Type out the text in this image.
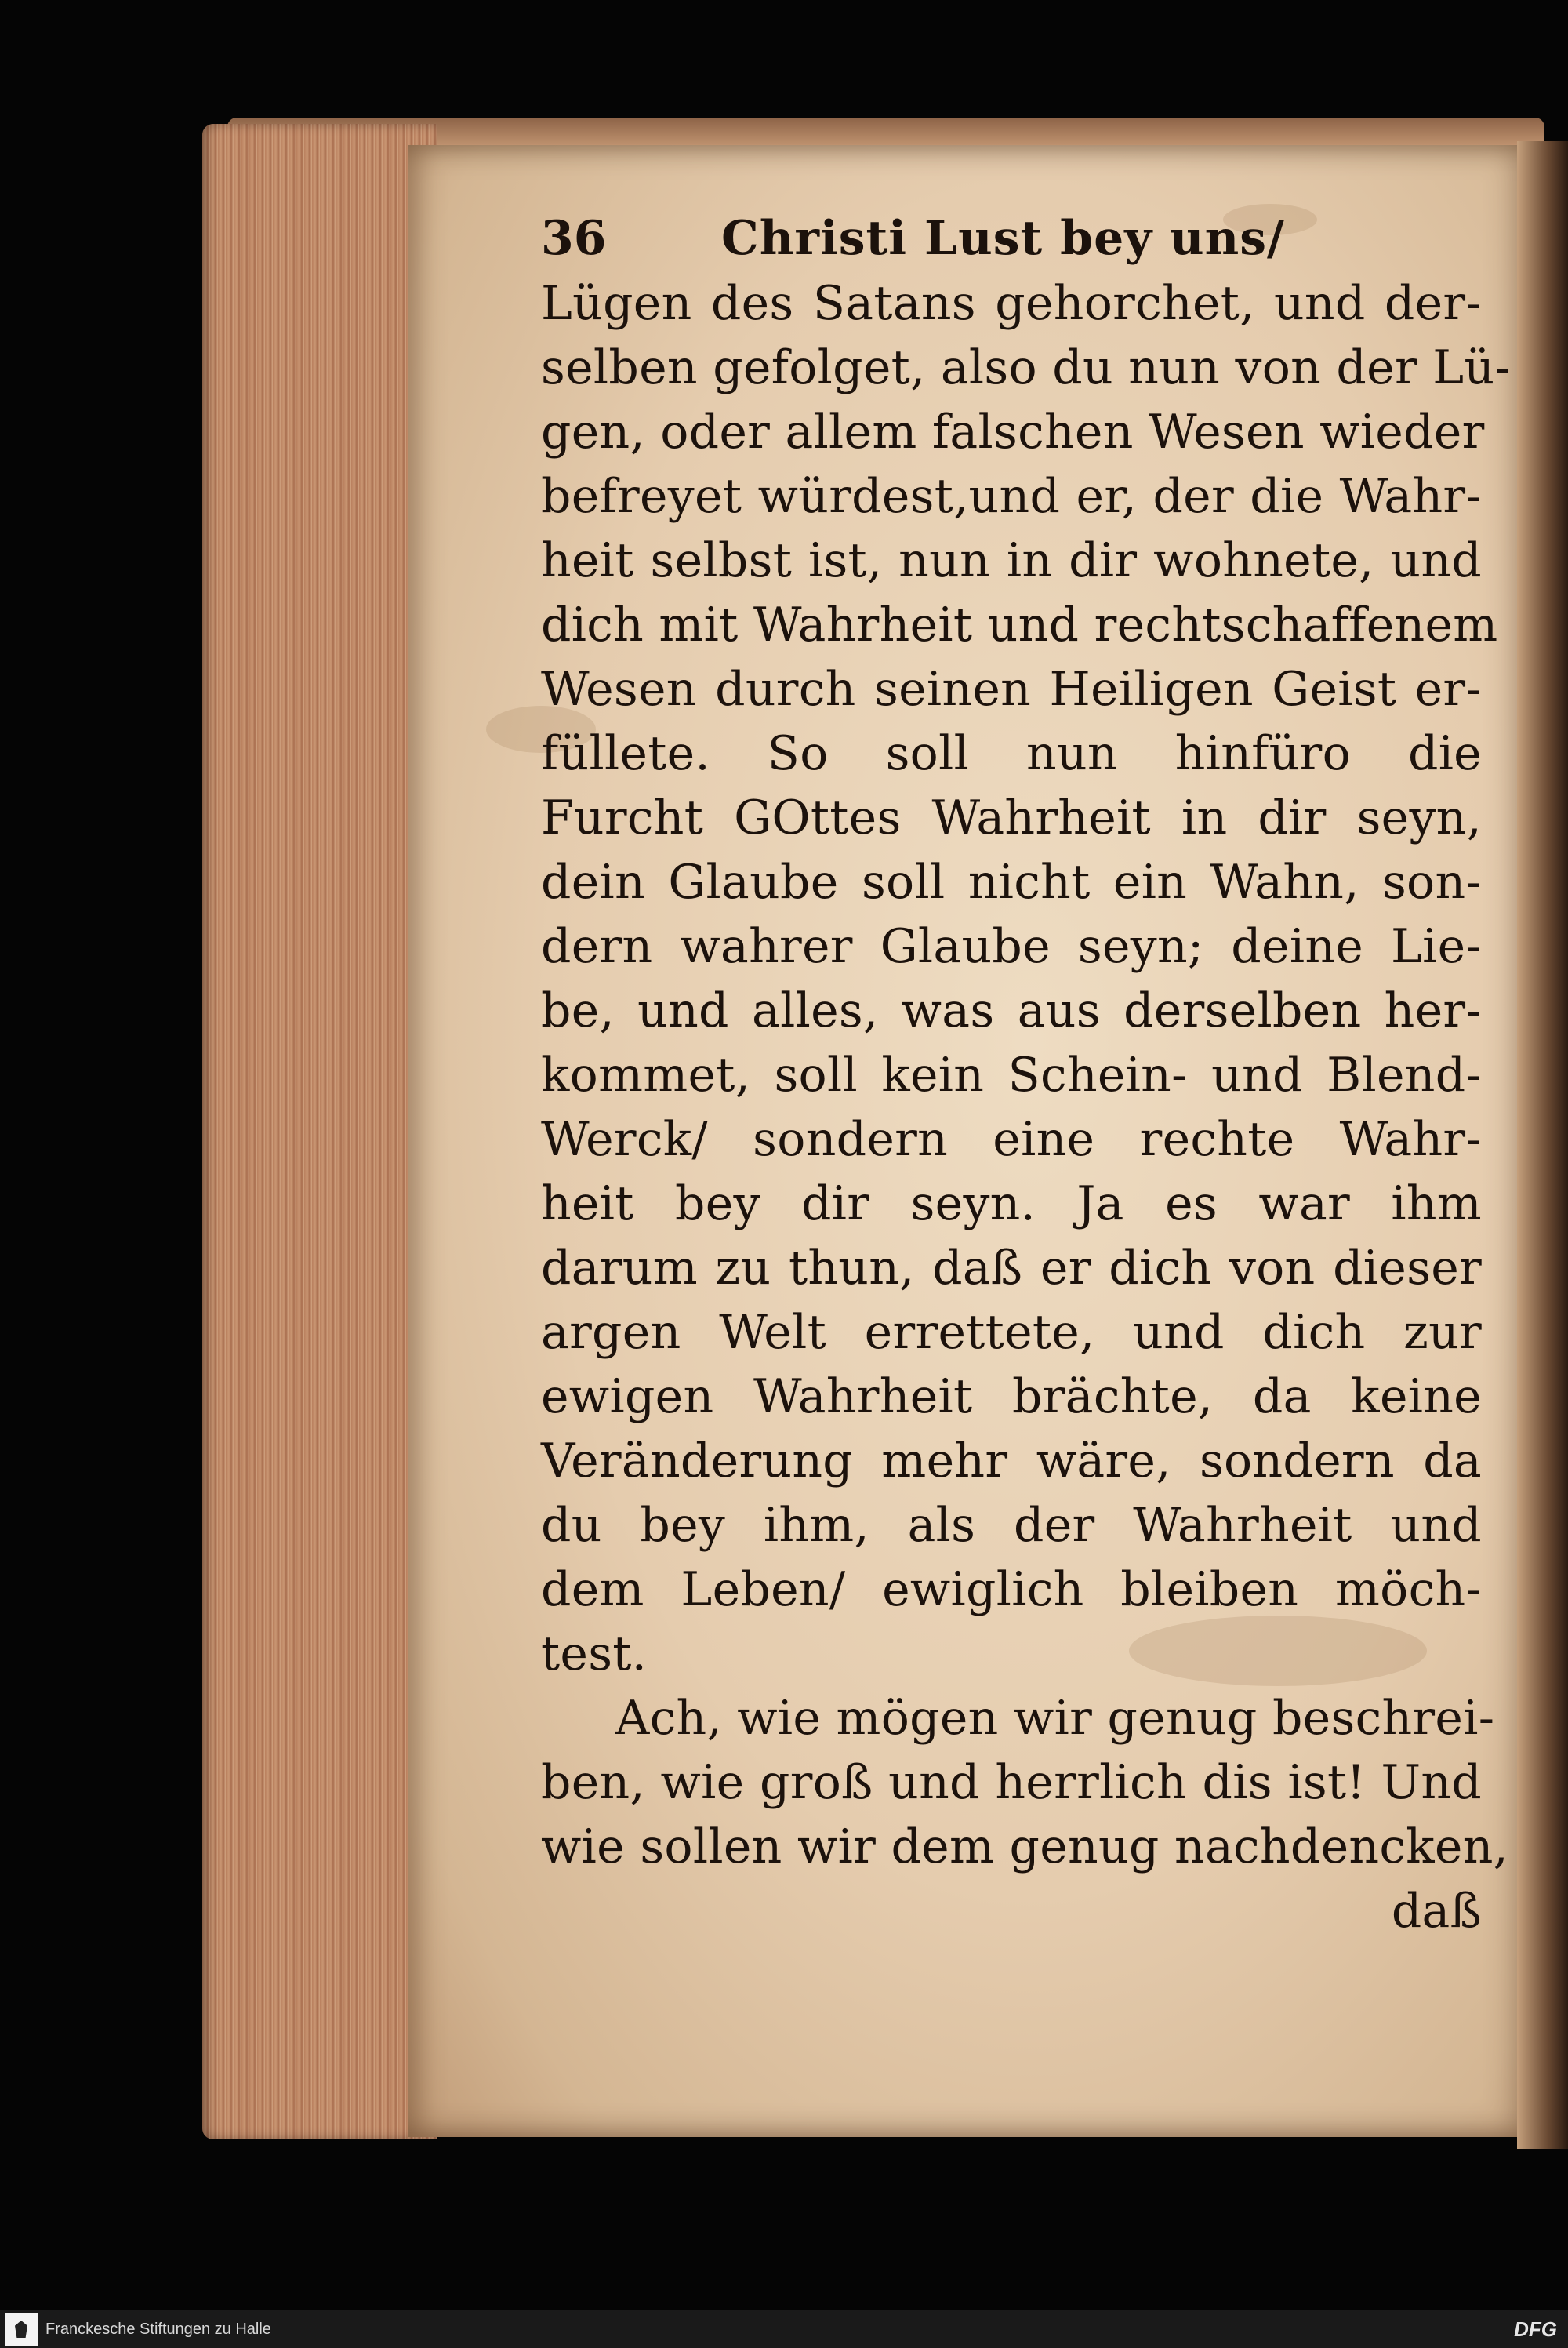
36 Christi Lust bey uns/
Lügen des Satans gehorchet, und der-
selben gefolget, also du nun von der Lü-
gen, oder allem falschen Wesen wieder
befreyet würdest,und er, der die Wahr-
heit selbst ist, nun in dir wohnete, und
dich mit Wahrheit und rechtschaffenem
Wesen durch seinen Heiligen Geist er-
füllete. So soll nun hinfüro die
Furcht GOttes Wahrheit in dir seyn,
dein Glaube soll nicht ein Wahn, son-
dern wahrer Glaube seyn; deine Lie-
be, und alles, was aus derselben her-
kommet, soll kein Schein- und Blend-
Werck/ sondern eine rechte Wahr-
heit bey dir seyn. Ja es war ihm
darum zu thun, daß er dich von dieser
argen Welt errettete, und dich zur
ewigen Wahrheit brächte, da keine
Veränderung mehr wäre, sondern da
du bey ihm, als der Wahrheit und
dem Leben/ ewiglich bleiben möch-
test.
Ach, wie mögen wir genug beschrei-
ben, wie groß und herrlich dis ist! Und
wie sollen wir dem genug nachdencken,
daß
Franckesche Stiftungen zu Halle	DFG
